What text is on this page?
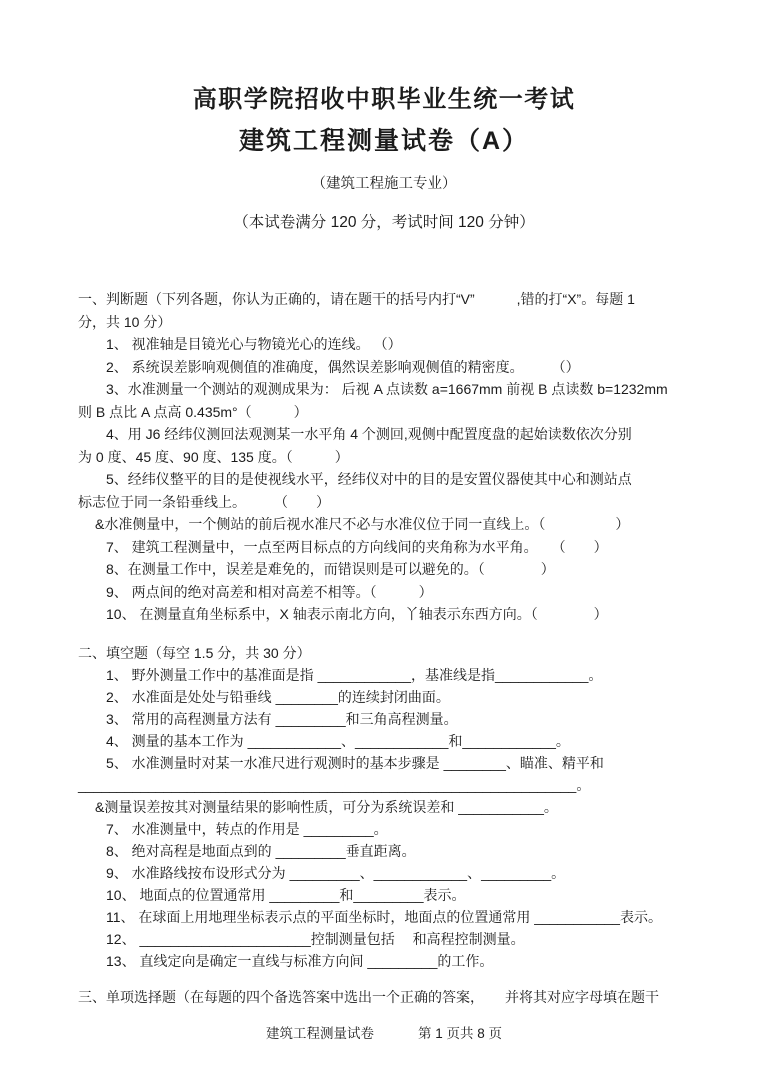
高职学院招收中职毕业生统一考试
建筑工程测量试卷（A）

（建筑工程施工专业）

（本试卷满分 120 分，考试时间 120 分钟）

一、判断题（下列各题，你认为正确的，请在题干的括号内打“V”　　　,错的打“X”。每题 1

分，共 10 分）

1、 视准轴是目镜光心与物镜光心的连线。 （）

2、 系统误差影响观侧值的准确度，偶然误差影响观侧值的精密度。　　　（）

3、水准测量一个测站的观测成果为： 后视 A 点读数 a=1667mm 前视 B 点读数 b=1232mm

则 B 点比 A 点高 0.435m°（　　　）

4、用 J6 经纬仪测回法观测某一水平角 4 个测回,观侧中配置度盘的起始读数依次分别

为 0 度、45 度、90 度、135 度。（　　　）

5、经纬仪整平的目的是使视线水平，经纬仪对中的目的是安置仪器使其中心和测站点

标志位于同一条铅垂线上。　　　（　　）

&水准侧量中，一个侧站的前后视水准尺不必与水准仪位于同一直线上。（　　　　　）

7、 建筑工程测量中，一点至两目标点的方向线间的夹角称为水平角。　　（　　）

8、在测量工作中，误差是难免的，而错误则是可以避免的。（　　　　）

9、 两点间的绝对高差和相对高差不相等。（　　　）

10、 在测量直角坐标系中，X 轴表示南北方向，丫轴表示东西方向。（　　　　）

二、填空题（每空 1.5 分，共 30 分）

1、 野外测量工作中的基准面是指 ____________，基准线是指____________。

2、 水准面是处处与铅垂线 ________的连续封闭曲面。

3、 常用的高程测量方法有 _________和三角高程测量。

4、 测量的基本工作为 ____________、____________和____________。

5、 水准测量时对某一水准尺进行观测时的基本步骤是 ________、瞄准、精平和

________________________________________________________________。

&测量误差按其对测量结果的影响性质，可分为系统误差和 ___________。

7、 水准测量中，转点的作用是 _________。

8、 绝对高程是地面点到的 _________垂直距离。

9、 水准路线按布设形式分为 _________、____________、_________。

10、 地面点的位置通常用 _________和_________表示。

11、 在球面上用地理坐标表示点的平面坐标时，地面点的位置通常用 ___________表示。

12、 ______________________控制测量包括　 和高程控制测量。

13、 直线定向是确定一直线与标准方向间 _________的工作。

三、单项选择题（在每题的四个备选答案中选出一个正确的答案，　　并将其对应字母填在题干

建筑工程测量试卷	第 1 页共 8 页
